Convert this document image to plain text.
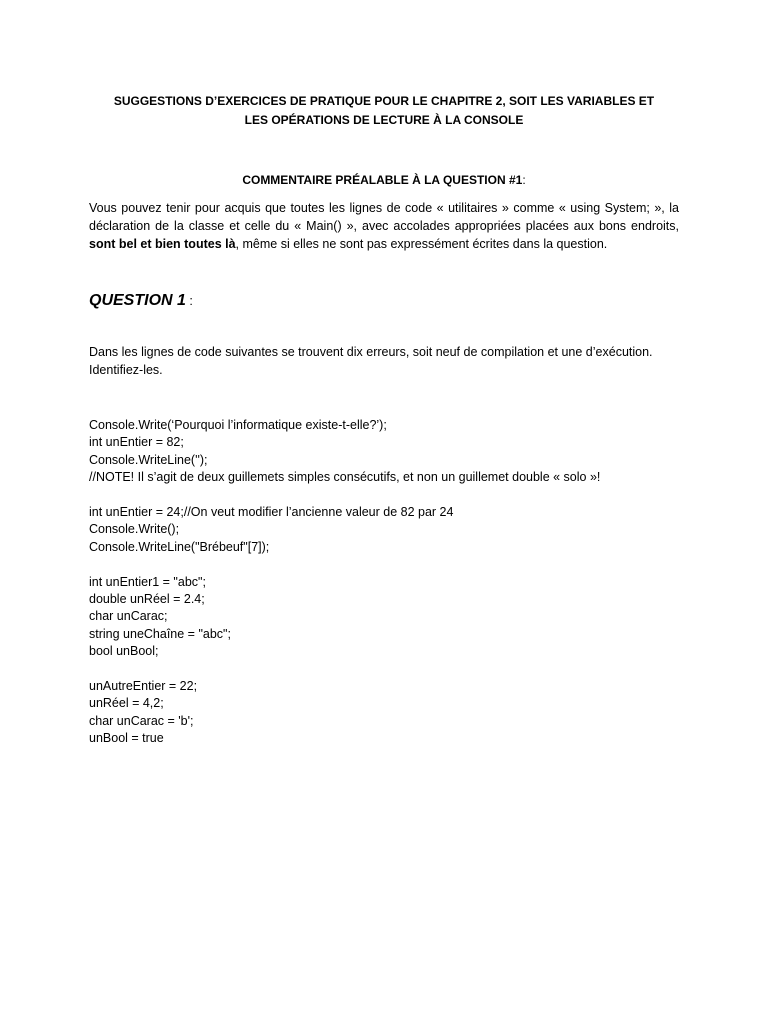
SUGGESTIONS D’EXERCICES DE PRATIQUE POUR LE CHAPITRE 2, SOIT LES VARIABLES ET LES OPÉRATIONS DE LECTURE À LA CONSOLE
COMMENTAIRE PRÉALABLE À LA QUESTION #1:
Vous pouvez tenir pour acquis que toutes les lignes de code « utilitaires » comme « using System; », la déclaration de la classe et celle du « Main() », avec accolades appropriées placées aux bons endroits, sont bel et bien toutes là, même si elles ne sont pas expressément écrites dans la question.
QUESTION 1 :
Dans les lignes de code suivantes se trouvent dix erreurs, soit neuf de compilation et une d’exécution. Identifiez-les.
Console.Write(‘Pourquoi l’informatique existe-t-elle?’);
int unEntier = 82;
Console.WriteLine('');
//NOTE! Il s’agit de deux guillemets simples consécutifs, et non un guillemet double « solo »!
int unEntier = 24;//On veut modifier l’ancienne valeur de 82 par 24
Console.Write();
Console.WriteLine("Brébeuf"[7]);
int unEntier1 = "abc";
double unRéel = 2.4;
char unCarac;
string uneChaîne = "abc";
bool unBool;
unAutreEntier = 22;
unRéel = 4,2;
char unCarac = 'b';
unBool = true
